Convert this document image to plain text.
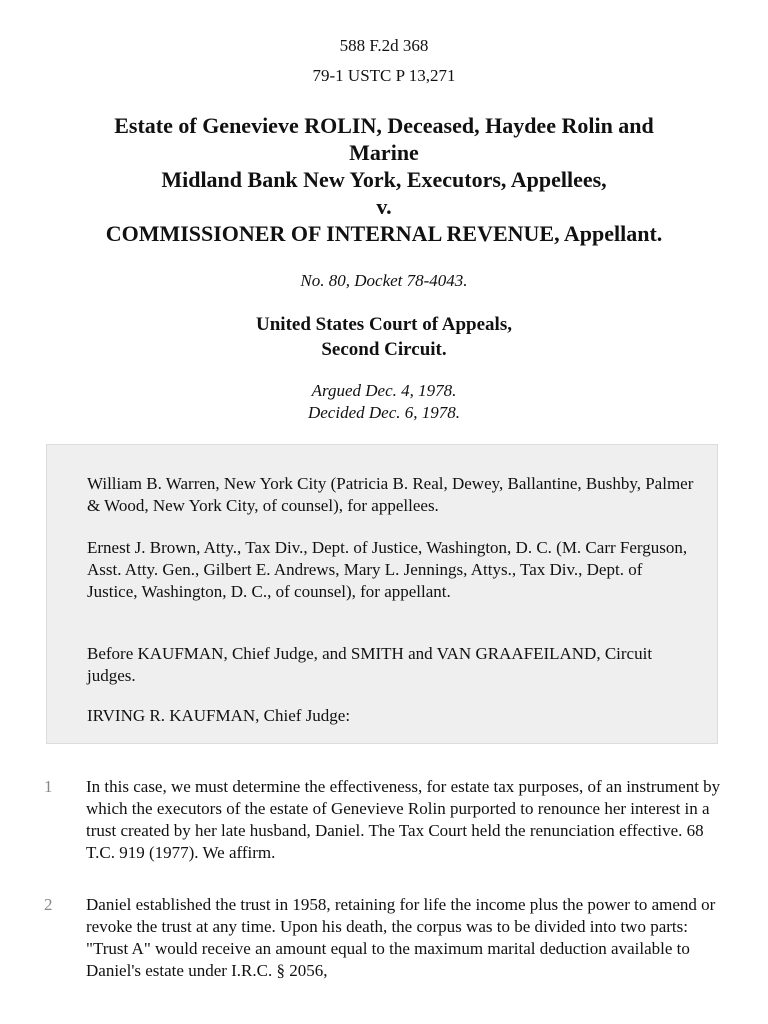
588 F.2d 368
79-1 USTC P 13,271
Estate of Genevieve ROLIN, Deceased, Haydee Rolin and
Marine
Midland Bank New York, Executors, Appellees,
v.
COMMISSIONER OF INTERNAL REVENUE, Appellant.
No. 80, Docket 78-4043.
United States Court of Appeals,
Second Circuit.
Argued Dec. 4, 1978.
Decided Dec. 6, 1978.

William B. Warren, New York City (Patricia B. Real, Dewey, Ballantine, Bushby, Palmer & Wood, New York City, of counsel), for appellees.

Ernest J. Brown, Atty., Tax Div., Dept. of Justice, Washington, D. C. (M. Carr Ferguson, Asst. Atty. Gen., Gilbert E. Andrews, Mary L. Jennings, Attys., Tax Div., Dept. of Justice, Washington, D. C., of counsel), for appellant.

Before KAUFMAN, Chief Judge, and SMITH and VAN GRAAFEILAND, Circuit judges.

IRVING R. KAUFMAN, Chief Judge:

1	In this case, we must determine the effectiveness, for estate tax purposes, of an instrument by which the executors of the estate of Genevieve Rolin purported to renounce her interest in a trust created by her late husband, Daniel. The Tax Court held the renunciation effective. 68 T.C. 919 (1977). We affirm.

2	Daniel established the trust in 1958, retaining for life the income plus the power to amend or revoke the trust at any time. Upon his death, the corpus was to be divided into two parts: "Trust A" would receive an amount equal to the maximum marital deduction available to Daniel's estate under I.R.C. § 2056,
